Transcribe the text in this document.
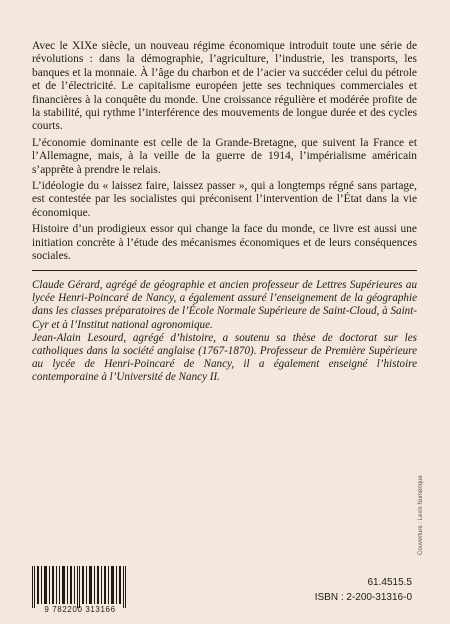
Avec le XIXe siècle, un nouveau régime économique introduit toute une série de révolutions : dans la démographie, l’agriculture, l’industrie, les transports, les banques et la monnaie. À l’âge du charbon et de l’acier va succéder celui du pétrole et de l’électricité. Le capitalisme européen jette ses techniques commerciales et financières à la conquête du monde. Une croissance régulière et modérée profite de la stabilité, qui rythme l’interférence des mouvements de longue durée et des cycles courts.

L’économie dominante est celle de la Grande-Bretagne, que suivent la France et l’Allemagne, mais, à la veille de la guerre de 1914, l’impérialisme américain s’apprête à prendre le relais.

L’idéologie du « laissez faire, laissez passer », qui a longtemps régné sans partage, est contestée par les socialistes qui préconisent l’intervention de l’État dans la vie économique.

Histoire d’un prodigieux essor qui change la face du monde, ce livre est aussi une initiation concrète à l’étude des mécanismes économiques et de leurs conséquences sociales.

Claude Gérard, agrégé de géographie et ancien professeur de Lettres Supérieures au lycée Henri-Poincaré de Nancy, a également assuré l’enseignement de la géographie dans les classes préparatoires de l’École Normale Supérieure de Saint-Cloud, à Saint-Cyr et à l’Institut national agronomique.

Jean-Alain Lesourd, agrégé d’histoire, a soutenu sa thèse de doctorat sur les catholiques dans la société anglaise (1767-1870). Professeur de Première Supérieure au lycée de Henri-Poincaré de Nancy, il a également enseigné l’histoire contemporaine à l’Université de Nancy II.

9 782200 313166
61.4515.5
ISBN : 2-200-31316-0
Couverture : Lexis Numérique
